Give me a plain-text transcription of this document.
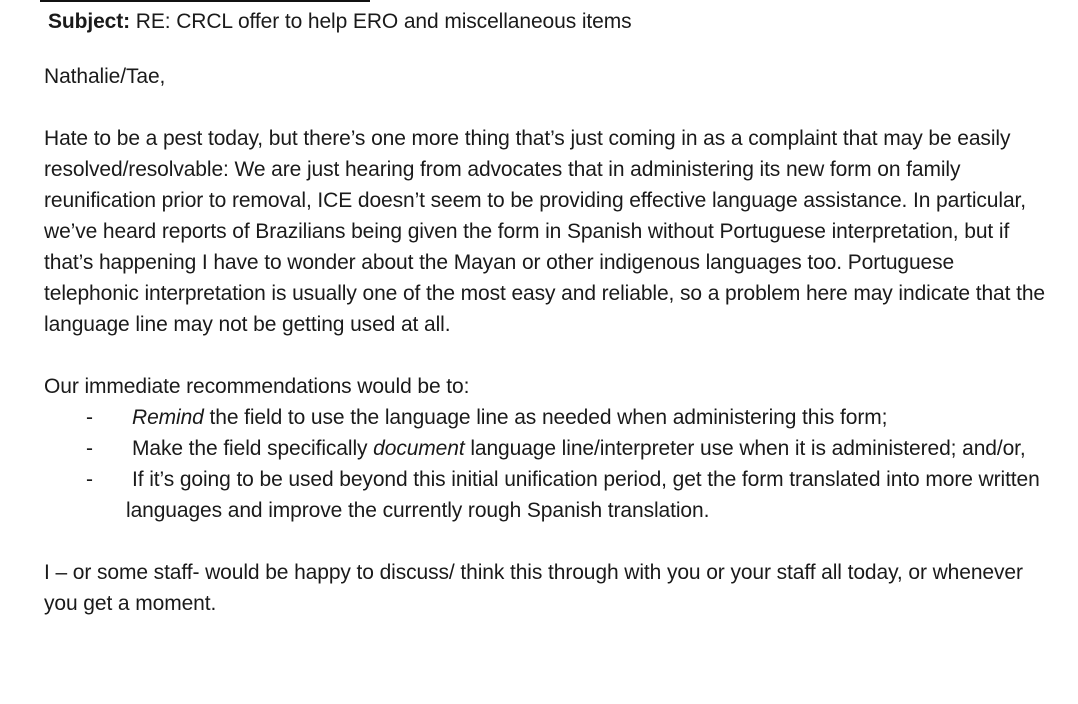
Subject: RE: CRCL offer to help ERO and miscellaneous items
Nathalie/Tae,
Hate to be a pest today, but there’s one more thing that’s just coming in as a complaint that may be easily resolved/resolvable: We are just hearing from advocates that in administering its new form on family reunification prior to removal, ICE doesn’t seem to be providing effective language assistance. In particular, we’ve heard reports of Brazilians being given the form in Spanish without Portuguese interpretation, but if that’s happening I have to wonder about the Mayan or other indigenous languages too. Portuguese telephonic interpretation is usually one of the most easy and reliable, so a problem here may indicate that the language line may not be getting used at all.
Our immediate recommendations would be to:
- Remind the field to use the language line as needed when administering this form;
- Make the field specifically document language line/interpreter use when it is administered; and/or,
- If it’s going to be used beyond this initial unification period, get the form translated into more written languages and improve the currently rough Spanish translation.
I – or some staff- would be happy to discuss/ think this through with you or your staff all today, or whenever you get a moment.
